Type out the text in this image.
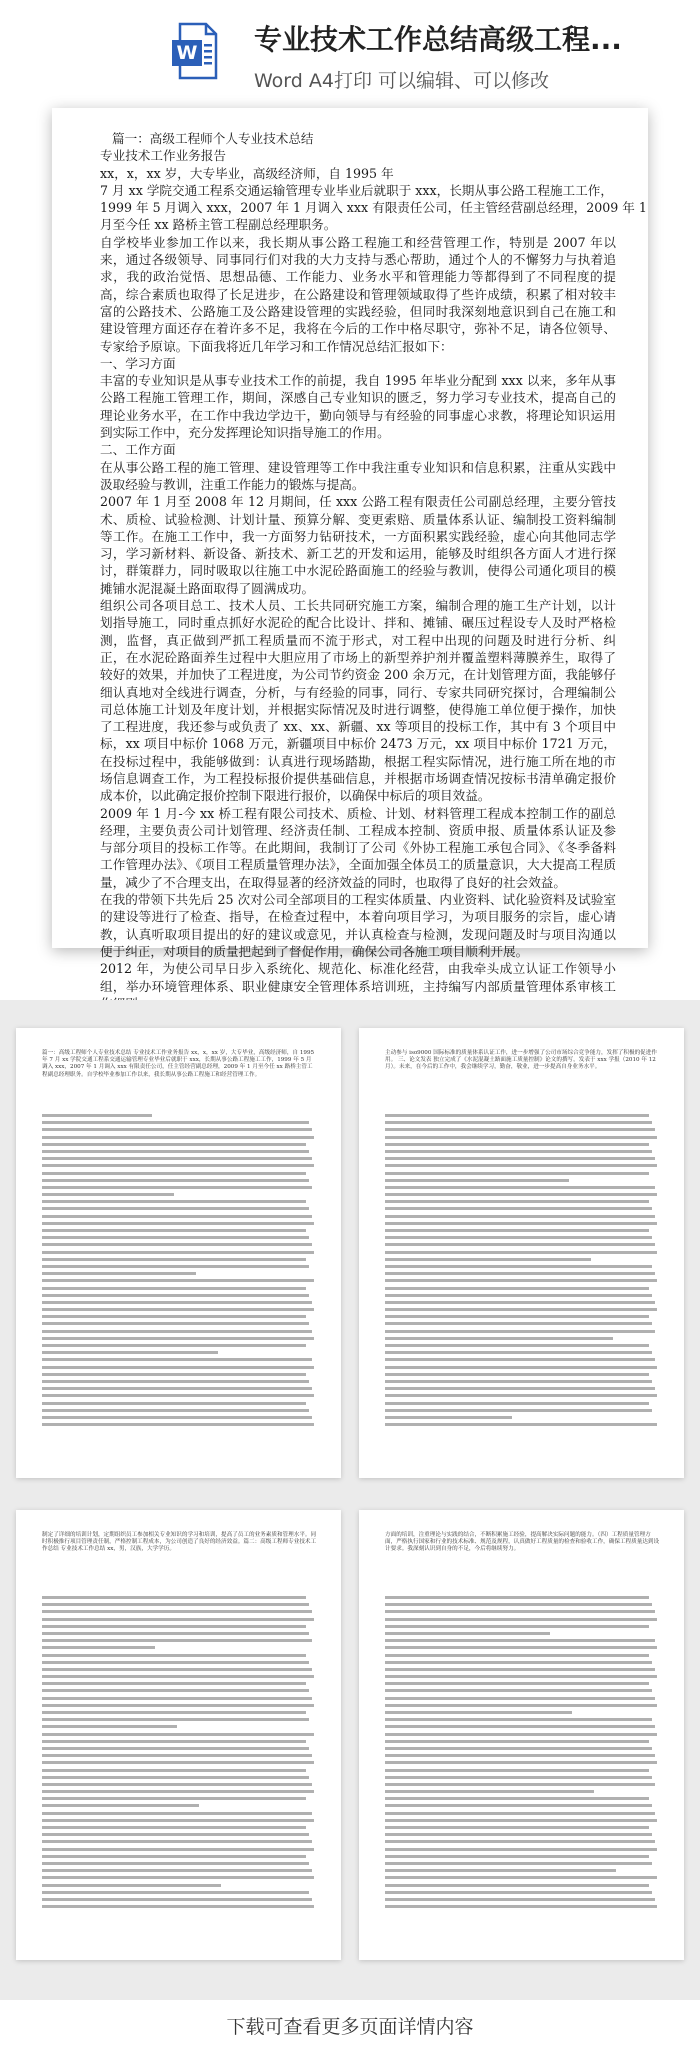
W 专业技术工作总结高级工程...
Word A4打印 可以编辑、可以修改

篇一：高级工程师个人专业技术总结

专业技术工作业务报告

xx，x，xx 岁，大专毕业，高级经济师，自 1995 年

7 月 xx 学院交通工程系交通运输管理专业毕业后就职于 xxx，长期从事公路工程施工工作，

1999 年 5 月调入 xxx，2007 年 1 月调入 xxx 有限责任公司，任主管经营副总经理，2009 年 1

月至今任 xx 路桥主管工程副总经理职务。

自学校毕业参加工作以来，我长期从事公路工程施工和经营管理工作，特别是 2007 年以来，通过各级领导、同事同行们对我的大力支持与悉心帮助，通过个人的不懈努力与执着追求，我的政治觉悟、思想品德、工作能力、业务水平和管理能力等都得到了不同程度的提高，综合素质也取得了长足进步，在公路建设和管理领域取得了些许成绩，积累了相对较丰富的公路技术、公路施工及公路建设管理的实践经验，但同时我深刻地意识到自己在施工和建设管理方面还存在着许多不足，我将在今后的工作中格尽职守，弥补不足，请各位领导、专家给予原谅。下面我将近几年学习和工作情况总结汇报如下：

一、学习方面

丰富的专业知识是从事专业技术工作的前提，我自 1995 年毕业分配到 xxx 以来，多年从事公路工程施工管理工作，期间，深感自己专业知识的匮乏，努力学习专业技术，提高自己的理论业务水平，在工作中我边学边干，勤向领导与有经验的同事虚心求教，将理论知识运用到实际工作中，充分发挥理论知识指导施工的作用。

二、工作方面

在从事公路工程的施工管理、建设管理等工作中我注重专业知识和信息积累，注重从实践中汲取经验与教训，注重工作能力的锻炼与提高。

2007 年 1 月至 2008 年 12 月期间，任 xxx 公路工程有限责任公司副总经理，主要分管技术、质检、试验检测、计划计量、预算分解、变更索赔、质量体系认证、编制投工资料编制等工作。在施工工作中，我一方面努力钻研技术，一方面积累实践经验，虚心向其他同志学习，学习新材料、新设备、新技术、新工艺的开发和运用，能够及时组织各方面人才进行探讨，群策群力，同时吸取以往施工中水泥砼路面施工的经验与教训，使得公司通化项目的模摊铺水泥混凝土路面取得了圆满成功。

组织公司各项目总工、技术人员、工长共同研究施工方案，编制合理的施工生产计划，以计划指导施工，同时重点抓好水泥砼的配合比设计、拌和、摊铺、碾压过程设专人及时严格检测，监督，真正做到严抓工程质量而不流于形式，对工程中出现的问题及时进行分析、纠正，在水泥砼路面养生过程中大胆应用了市场上的新型养护剂并覆盖塑料薄膜养生，取得了较好的效果，并加快了工程进度，为公司节约资金 200 余万元，在计划管理方面，我能够仔细认真地对全线进行调查，分析，与有经验的同事，同行、专家共同研究探讨，合理编制公司总体施工计划及年度计划，并根据实际情况及时进行调整，使得施工单位便于操作，加快了工程进度，我还参与或负责了 xx、xx、新疆、xx 等项目的投标工作，其中有 3 个项目中标，xx 项目中标价 1068 万元，新疆项目中标价 2473 万元，xx 项目中标价 1721 万元，在投标过程中，我能够做到：认真进行现场踏勘，根据工程实际情况，进行施工所在地的市场信息调查工作，为工程投标报价提供基础信息，并根据市场调查情况按标书清单确定报价成本价，以此确定报价控制下限进行报价，以确保中标后的项目效益。

2009 年 1 月-今 xx 桥工程有限公司技术、质检、计划、材料管理工程成本控制工作的副总经理，主要负责公司计划管理、经济责任制、工程成本控制、资质申报、质量体系认证及参与部分项目的投标工作等。在此期间，我制订了公司《外协工程施工承包合同》、《冬季备料工作管理办法》、《项目工程质量管理办法》，全面加强全体员工的质量意识，大大提高工程质量，减少了不合理支出，在取得显著的经济效益的同时，也取得了良好的社会效益。

在我的带领下共先后 25 次对公司全部项目的工程实体质量、内业资料、试化验资料及试验室的建设等进行了检查、指导，在检查过程中，本着向项目学习，为项目服务的宗旨，虚心请教，认真听取项目提出的好的建议或意见，并认真检查与检测，发现问题及时与项目沟通以便于纠正，对项目的质量把起到了督促作用，确保公司各施工项目顺利开展。

2012 年，为使公司早日步入系统化、规范化、标准化经营，由我牵头成立认证工作领导小组，举办环境管理体系、职业健康安全管理体系培训班，主持编写内部质量管理体系审核工

篇一：高级工程师个人专业技术总结 专业技术工作业务报告 xx，x，xx 岁，大专毕业，高级经济师，自 1995 年 7 月 xx 学院交通工程系交通运输管理专业毕业后就职于 xxx，长期从事公路工程施工工作，1999 年 5 月调入 xxx，2007 年 1 月调入 xxx 有限责任公司，任主管经营副总经理，2009 年 1 月至今任 xx 路桥主管工程副总经理职务。自学校毕业参加工作以来，我长期从事公路工程施工和经营管理工作。
主动参与 iso9000 国际标准的质量体系认证工作，进一步增强了公司市场综合竞争能力，发挥了积极的促进作用。 三、论文发表 独立完成了《水泥混凝土路面施工质量控制》论文的撰写，发表于 xxx 学报（2010 年 12 月）。未来，在今后的工作中，我会继续学习，勤奋，敬业，进一步提高自身业务水平。
制定了详细的培训计划，定期组织员工参加相关专业知识的学习和培训，提高了员工的业务素质和管理水平。同时积极推行项目管理责任制，严格控制工程成本，为公司创造了良好的经济效益。篇二：高级工程师专业技术工作总结 专业技术工作总结 xx，男，汉族，大学学历。
方面的培训，注重理论与实践的结合，不断积累施工经验，提高解决实际问题的能力。（四）工程质量管理方面，严格执行国家和行业的技术标准、规范及规程，认真做好工程质量的检查和验收工作，确保工程质量达到设计要求。我深刻认识到自身的不足，今后将继续努力。
下载可查看更多页面详情内容
